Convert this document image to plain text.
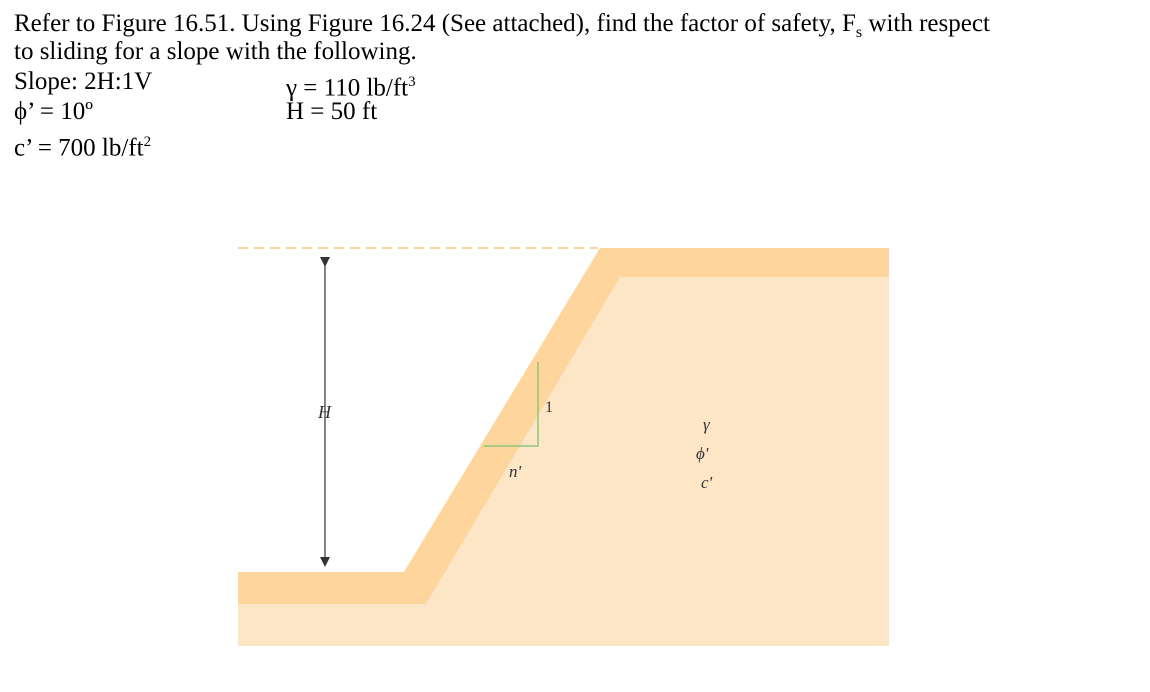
Refer to Figure 16.51. Using Figure 16.24 (See attached), find the factor of safety, $F_s$ with respect
to sliding for a slope with the following.
Slope: 2H:1V	γ = 110 $lb/ft^3$
ϕ’ = 10º	H = 50 ft
c’ = 700 $lb/ft^2$
H	1
n'
γ
ϕ'
c'
